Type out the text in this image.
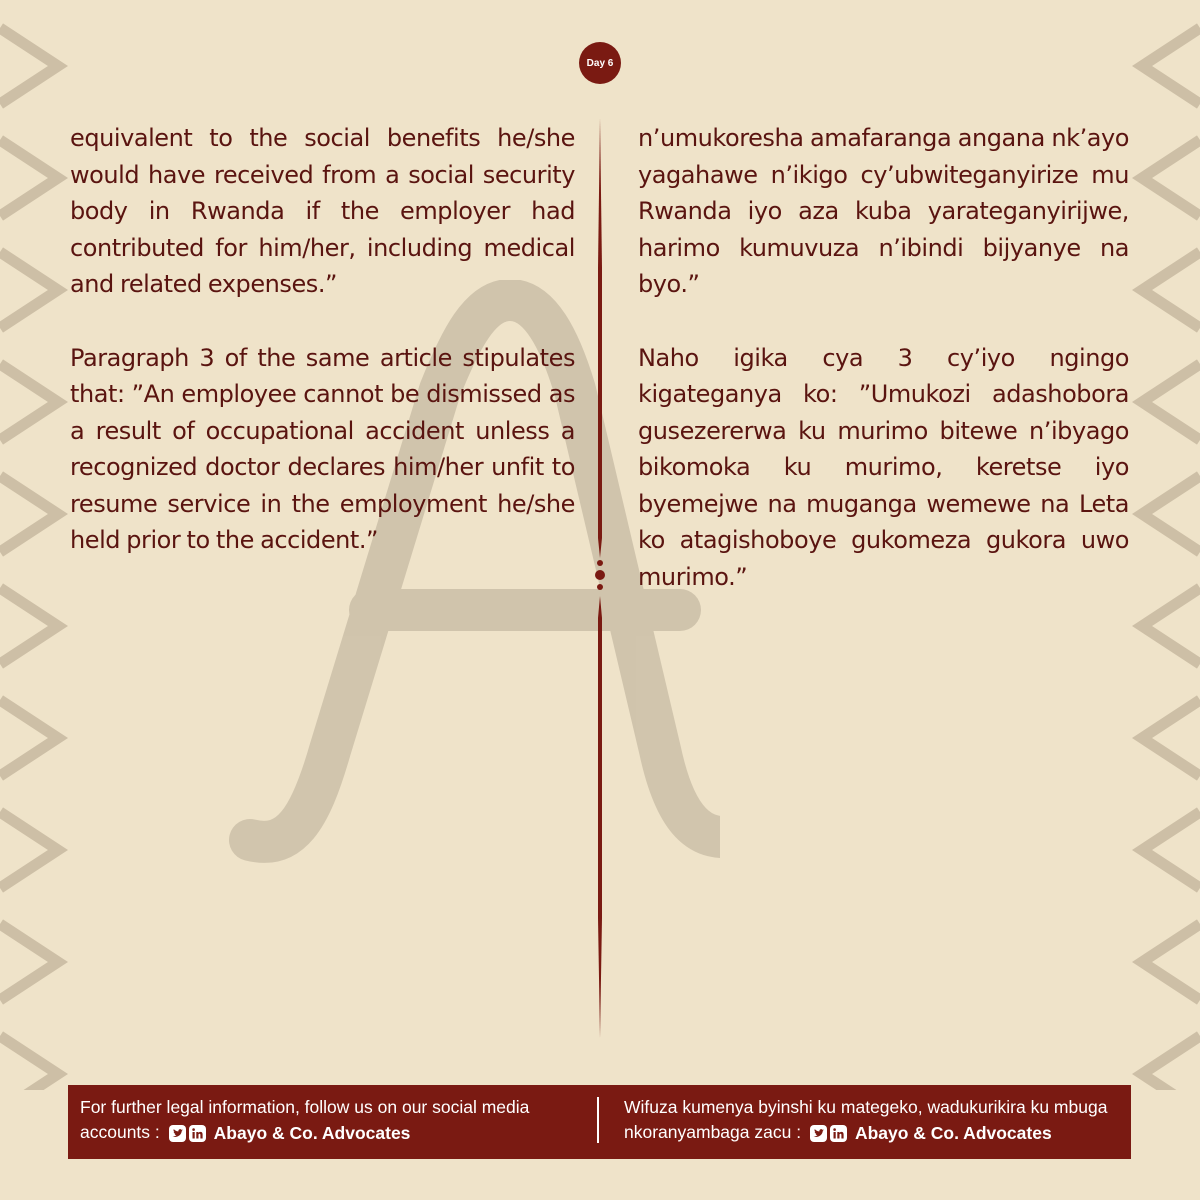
Day 6

equivalent to the social benefits he/she would have received from a social security body in Rwanda if the employer had contributed for him/her, including medical and related expenses.”

Paragraph 3 of the same article stipulates that: ”An employee cannot be dismissed as a result of occupational accident unless a recognized doctor declares him/her unfit to resume service in the employment he/she held prior to the accident.”

n’umukoresha amafaranga angana nk’ayo yagahawe n’ikigo cy’ubwiteganyirize mu Rwanda iyo aza kuba yarateganyirijwe, harimo kumuvuza n’ibindi bijyanye na byo.”

Naho igika cya 3 cy’iyo ngingo kigateganya ko: ”Umukozi adashobora gusezererwa ku murimo bitewe n’ibyago bikomoka ku murimo, keretse iyo byemejwe na muganga wemewe na Leta ko atagishoboye gukomeza gukora uwo murimo.”

For further legal information, follow us on our social media
accounts :	Abayo & Co. Advocates
Wifuza kumenya byinshi ku mategeko, wadukurikira ku mbuga
nkoranyambaga zacu :	Abayo & Co. Advocates
